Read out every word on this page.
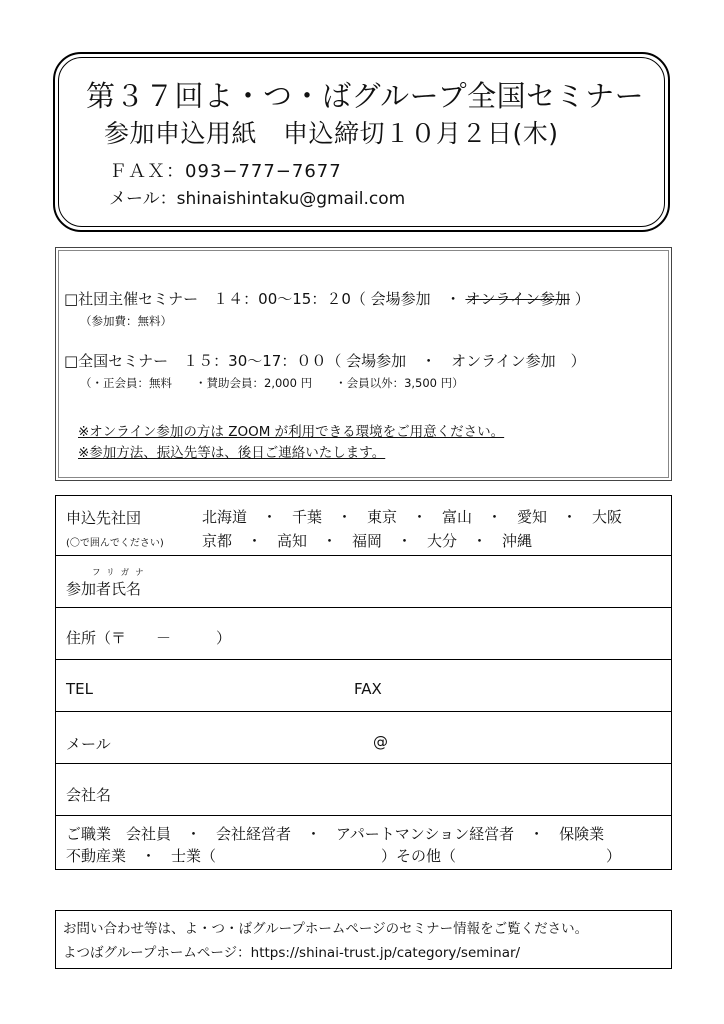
第３７回よ・つ・ばグループ全国セミナー
参加申込用紙 申込締切１０月２日(木)
ＦＡＸ：093−777−7677
メール：shinaishintaku@gmail.com
□社団主催セミナー　１４：00〜15：２0（ 会場参加　・ オンライン参加 ）
（参加費：無料）
□全国セミナー　１５：30〜17：００（ 会場参加　・　オンライン参加　）
（・正会員：無料　　・賛助会員：2,000 円　　・会員以外：3,500 円）
※オンライン参加の方は ZOOM が利用できる環境をご用意ください。
※参加方法、振込先等は、後日ご連絡いたします。
申込先社団
(〇で囲んでください)
北海道　・　千葉　・　東京　・　富山　・　愛知　・　大阪
京都　・　高知　・　福岡　・　大分　・　沖縄
フリガナ
参加者氏名
住所（〒　　－　　　）
TEL	FAX
メール	@
会社名
ご職業　会社員　・　会社経営者　・　アパートマンション経営者　・　保険業
不動産業　・　士業（　　　　　　　　　　　）その他（　　　　　　　　　　）
お問い合わせ等は、よ・つ・ばグループホームページのセミナー情報をご覧ください。
よつばグループホームページ：https://shinai-trust.jp/category/seminar/
